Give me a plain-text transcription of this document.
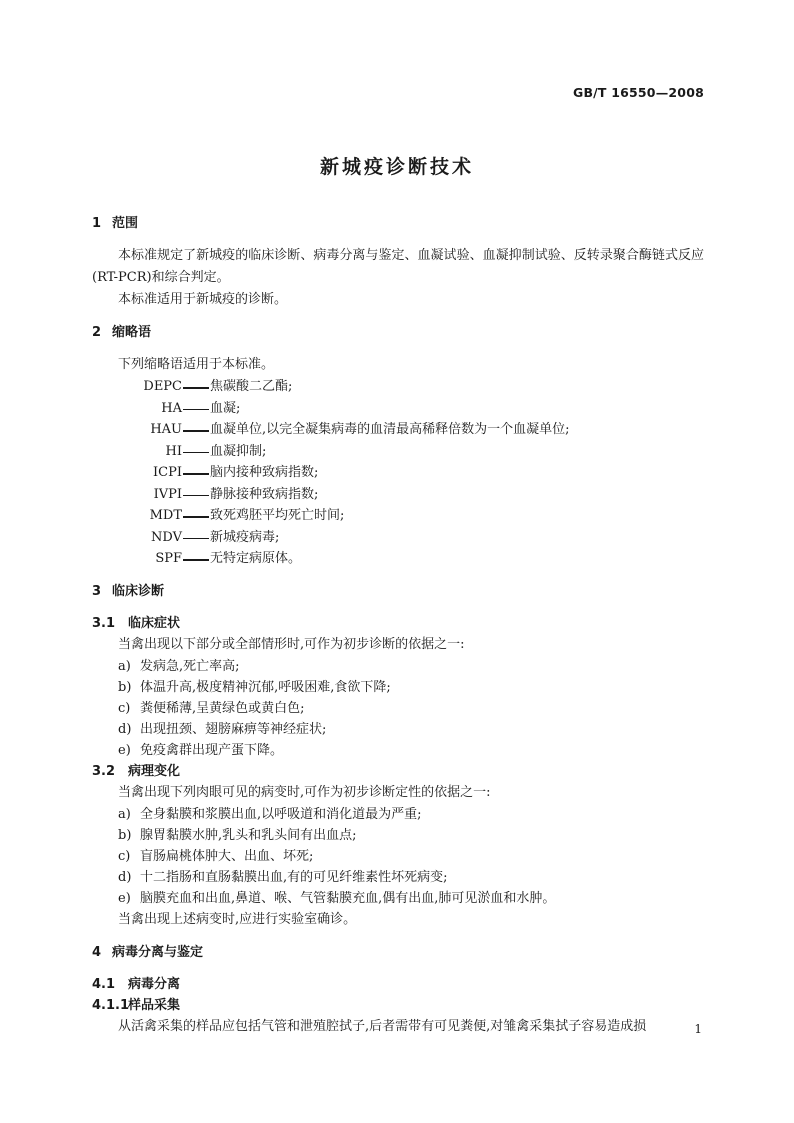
GB/T 16550—2008
新城疫诊断技术
1 范围

本标准规定了新城疫的临床诊断、病毒分离与鉴定、血凝试验、血凝抑制试验、反转录聚合酶链式反应(RT-PCR)和综合判定。

本标准适用于新城疫的诊断。

2 缩略语

下列缩略语适用于本标准。

DEPC 焦碳酸二乙酯;
HA 血凝;
HAU 血凝单位,以完全凝集病毒的血清最高稀释倍数为一个血凝单位;
HI 血凝抑制;
ICPI 脑内接种致病指数;
IVPI 静脉接种致病指数;
MDT 致死鸡胚平均死亡时间;
NDV 新城疫病毒;
SPF 无特定病原体。
3 临床诊断
3.1 临床症状

当禽出现以下部分或全部情形时,可作为初步诊断的依据之一:

a) 发病急,死亡率高;
b) 体温升高,极度精神沉郁,呼吸困难,食欲下降;
c) 粪便稀薄,呈黄绿色或黄白色;
d) 出现扭颈、翅膀麻痹等神经症状;
e) 免疫禽群出现产蛋下降。
3.2 病理变化

当禽出现下列肉眼可见的病变时,可作为初步诊断定性的依据之一:

a) 全身黏膜和浆膜出血,以呼吸道和消化道最为严重;
b) 腺胃黏膜水肿,乳头和乳头间有出血点;
c) 盲肠扁桃体肿大、出血、坏死;
d) 十二指肠和直肠黏膜出血,有的可见纤维素性坏死病变;
e) 脑膜充血和出血,鼻道、喉、气管黏膜充血,偶有出血,肺可见淤血和水肿。

当禽出现上述病变时,应进行实验室确诊。

4 病毒分离与鉴定
4.1 病毒分离
4.1.1样品采集

从活禽采集的样品应包括气管和泄殖腔拭子,后者需带有可见粪便,对雏禽采集拭子容易造成损	1
